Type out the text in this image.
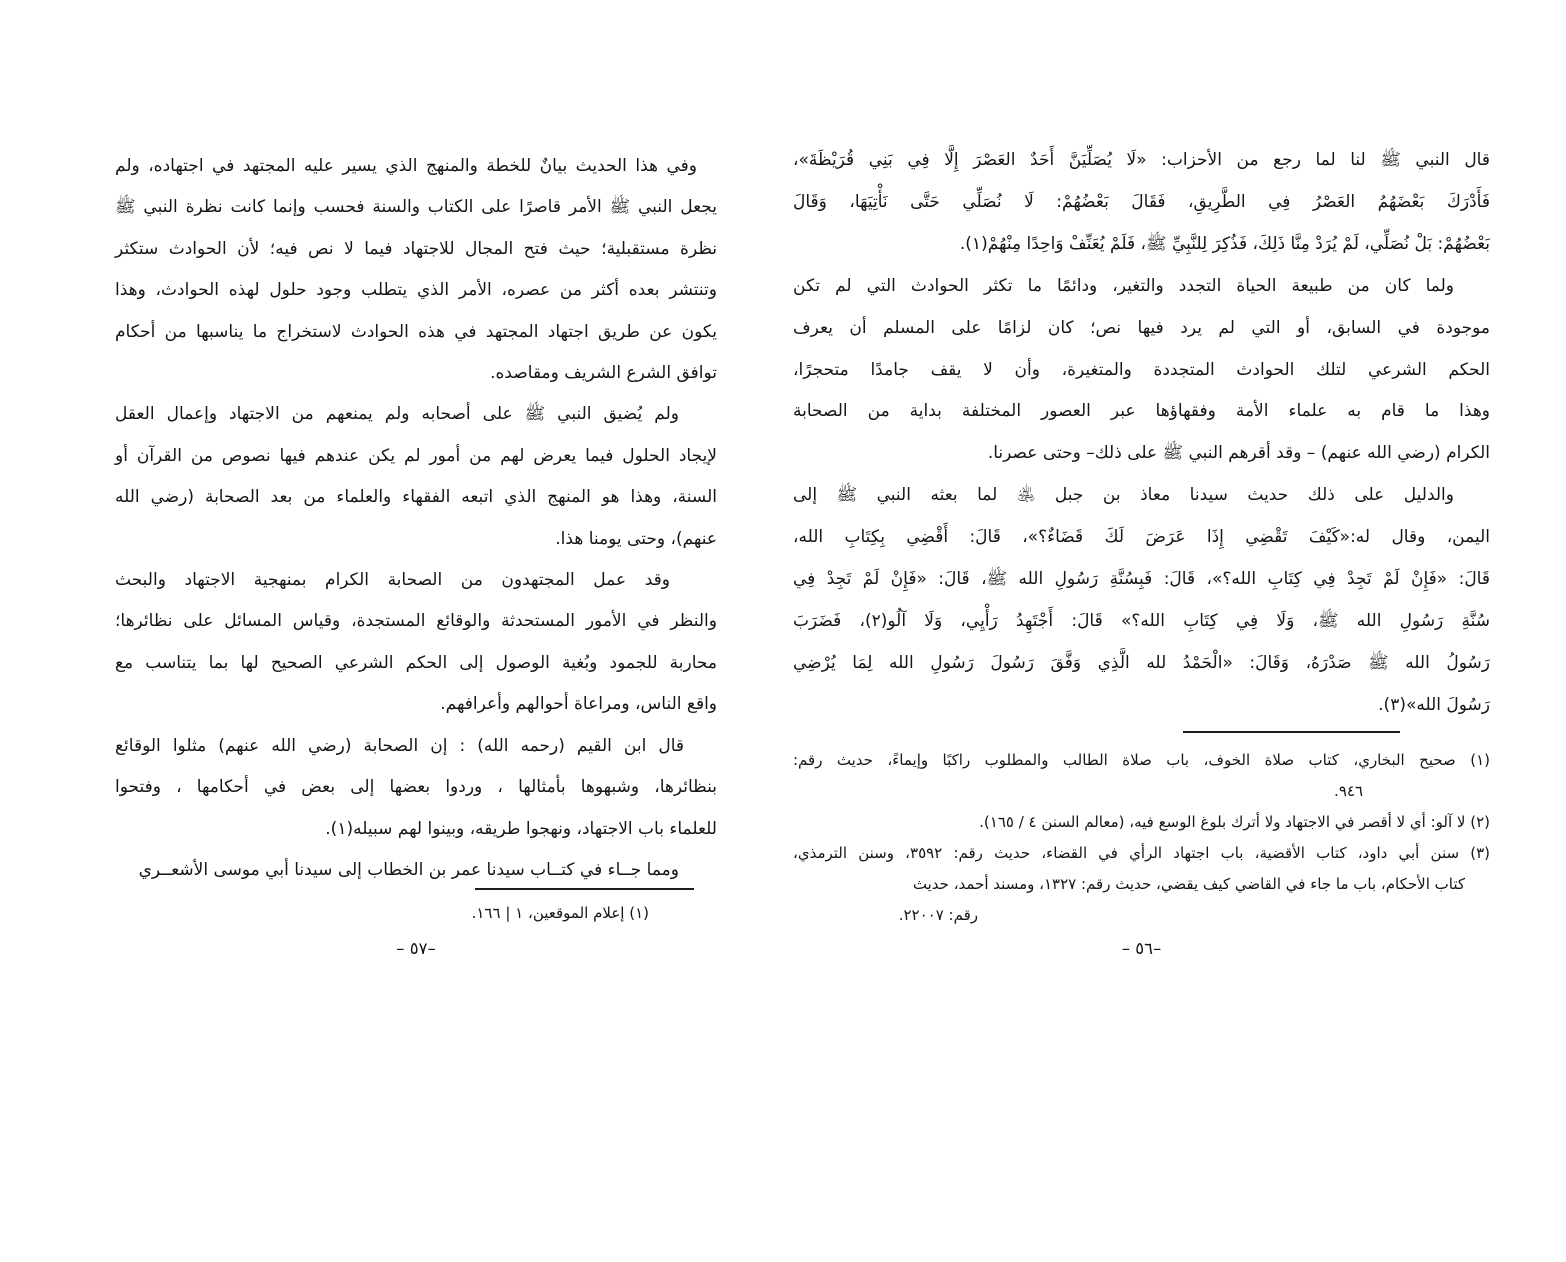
قال النبي ﷺ لنا لما رجع من الأحزاب: «لَا يُصَلِّيَنَّ أَحَدٌ العَصْرَ إِلَّا فِي بَنِي قُرَيْظَةَ»،
فَأَدْرَكَ بَعْضَهُمُ العَصْرُ فِي الطَّرِيقِ، فَقَالَ بَعْضُهُمْ: لَا نُصَلِّي حَتَّى نَأْتِيَهَا، وَقَالَ
بَعْضُهُمْ: بَلْ نُصَلِّي، لَمْ يُرَدْ مِنَّا ذَلِكَ، فَذُكِرَ لِلنَّبِيِّ ﷺ، فَلَمْ يُعَنِّفْ وَاحِدًا مِنْهُمْ(١).
ولما كان من طبيعة الحياة التجدد والتغير، ودائمًا ما تكثر الحوادث التي لم تكن
موجودة في السابق، أو التي لم يرد فيها نص؛ كان لزامًا على المسلم أن يعرف
الحكم الشرعي لتلك الحوادث المتجددة والمتغيرة، وأن لا يقف جامدًا متحجرًا،
وهذا ما قام به علماء الأمة وفقهاؤها عبر العصور المختلفة بداية من الصحابة
الكرام (رضي الله عنهم) – وقد أقرهم النبي ﷺ على ذلك– وحتى عصرنا.
والدليل على ذلك حديث سيدنا معاذ بن جبل ﵁ لما بعثه النبي ﷺ إلى
اليمن، وقال له:«كَيْفَ تَقْضِي إِذَا عَرَضَ لَكَ قَضَاءٌ؟»، قَالَ: أَقْضِي بِكِتَابِ الله،
قَالَ: «فَإِنْ لَمْ تَجِدْ فِي كِتَابِ الله؟»، قَالَ: فَبِسُنَّةِ رَسُولِ الله ﷺ، قَالَ: «فَإِنْ لَمْ تَجِدْ فِي
سُنَّةِ رَسُولِ الله ﷺ، وَلَا فِي كِتَابِ الله؟» قَالَ: أَجْتَهِدُ رَأْيِي، وَلَا آلُو(٢)، فَضَرَبَ
رَسُولُ الله ﷺ صَدْرَهُ، وَقَالَ: «الْحَمْدُ لله الَّذِي وَفَّقَ رَسُولَ رَسُولِ الله لِمَا يُرْضِي
رَسُولَ الله»(٣).
(١) صحيح البخاري، كتاب صلاة الخوف، باب صلاة الطالب والمطلوب راكبًا وإيماءً، حديث رقم:
٩٤٦.
(٢) لا آلو: أي لا أقصر في الاجتهاد ولا أترك بلوغ الوسع فيه، (معالم السنن ٤ / ١٦٥).
(٣) سنن أبي داود، كتاب الأقضية، باب اجتهاد الرأي في القضاء، حديث رقم: ٣٥٩٢، وسنن الترمذي،
كتاب الأحكام، باب ما جاء في القاضي كيف يقضي، حديث رقم: ١٣٢٧، ومسند أحمد، حديث
رقم: ٢٢٠٠٧.
–٥٦ –
وفي هذا الحديث بيانٌ للخطة والمنهج الذي يسير عليه المجتهد في اجتهاده، ولم
يجعل النبي ﷺ الأمر قاصرًا على الكتاب والسنة فحسب وإنما كانت نظرة النبي ﷺ
نظرة مستقبلية؛ حيث فتح المجال للاجتهاد فيما لا نص فيه؛ لأن الحوادث ستكثر
وتنتشر بعده أكثر من عصره، الأمر الذي يتطلب وجود حلول لهذه الحوادث، وهذا
يكون عن طريق اجتهاد المجتهد في هذه الحوادث لاستخراج ما يناسبها من أحكام
توافق الشرع الشريف ومقاصده.
ولم يُضيق النبي ﷺ على أصحابه ولم يمنعهم من الاجتهاد وإعمال العقل
لإيجاد الحلول فيما يعرض لهم من أمور لم يكن عندهم فيها نصوص من القرآن أو
السنة، وهذا هو المنهج الذي اتبعه الفقهاء والعلماء من بعد الصحابة (رضي الله
عنهم)، وحتى يومنا هذا.
وقد عمل المجتهدون من الصحابة الكرام بمنهجية الاجتهاد والبحث
والنظر في الأمور المستحدثة والوقائع المستجدة، وقياس المسائل على نظائرها؛
محاربة للجمود وبُغية الوصول إلى الحكم الشرعي الصحيح لها بما يتناسب مع
واقع الناس، ومراعاة أحوالهم وأعرافهم.
قال ابن القيم (رحمه الله) : إن الصحابة (رضي الله عنهم) مثلوا الوقائع
بنظائرها، وشبهوها بأمثالها ، وردوا بعضها إلى بعض في أحكامها ، وفتحوا
للعلماء باب الاجتهاد، ونهجوا طريقه، وبينوا لهم سبيله(١).
ومما جــاء في كتــاب سيدنا عمر بن الخطاب إلى سيدنا أبي موسى الأشعــري
(١) إعلام الموقعين، ١ | ١٦٦.
–٥٧ –
